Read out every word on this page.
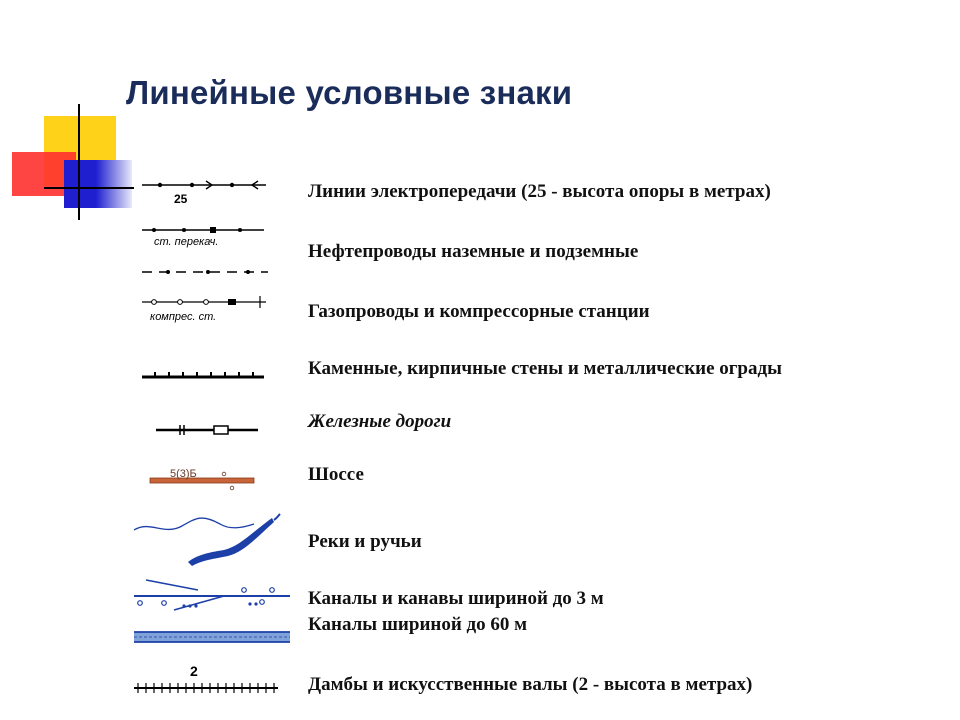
Линейные условные знаки
25
ст. перекач.
компрес. ст.
5(3)Б
2
Линии электропередачи (25 - высота опоры в метрах)
Нефтепроводы наземные и подземные
Газопроводы и компрессорные станции
Каменные, кирпичные стены и металлические ограды
Железные дороги
Шоссе
Реки и ручьи
Каналы и канавы шириной до 3 м
Каналы шириной до 60 м
Дамбы и искусственные валы (2 - высота в метрах)
